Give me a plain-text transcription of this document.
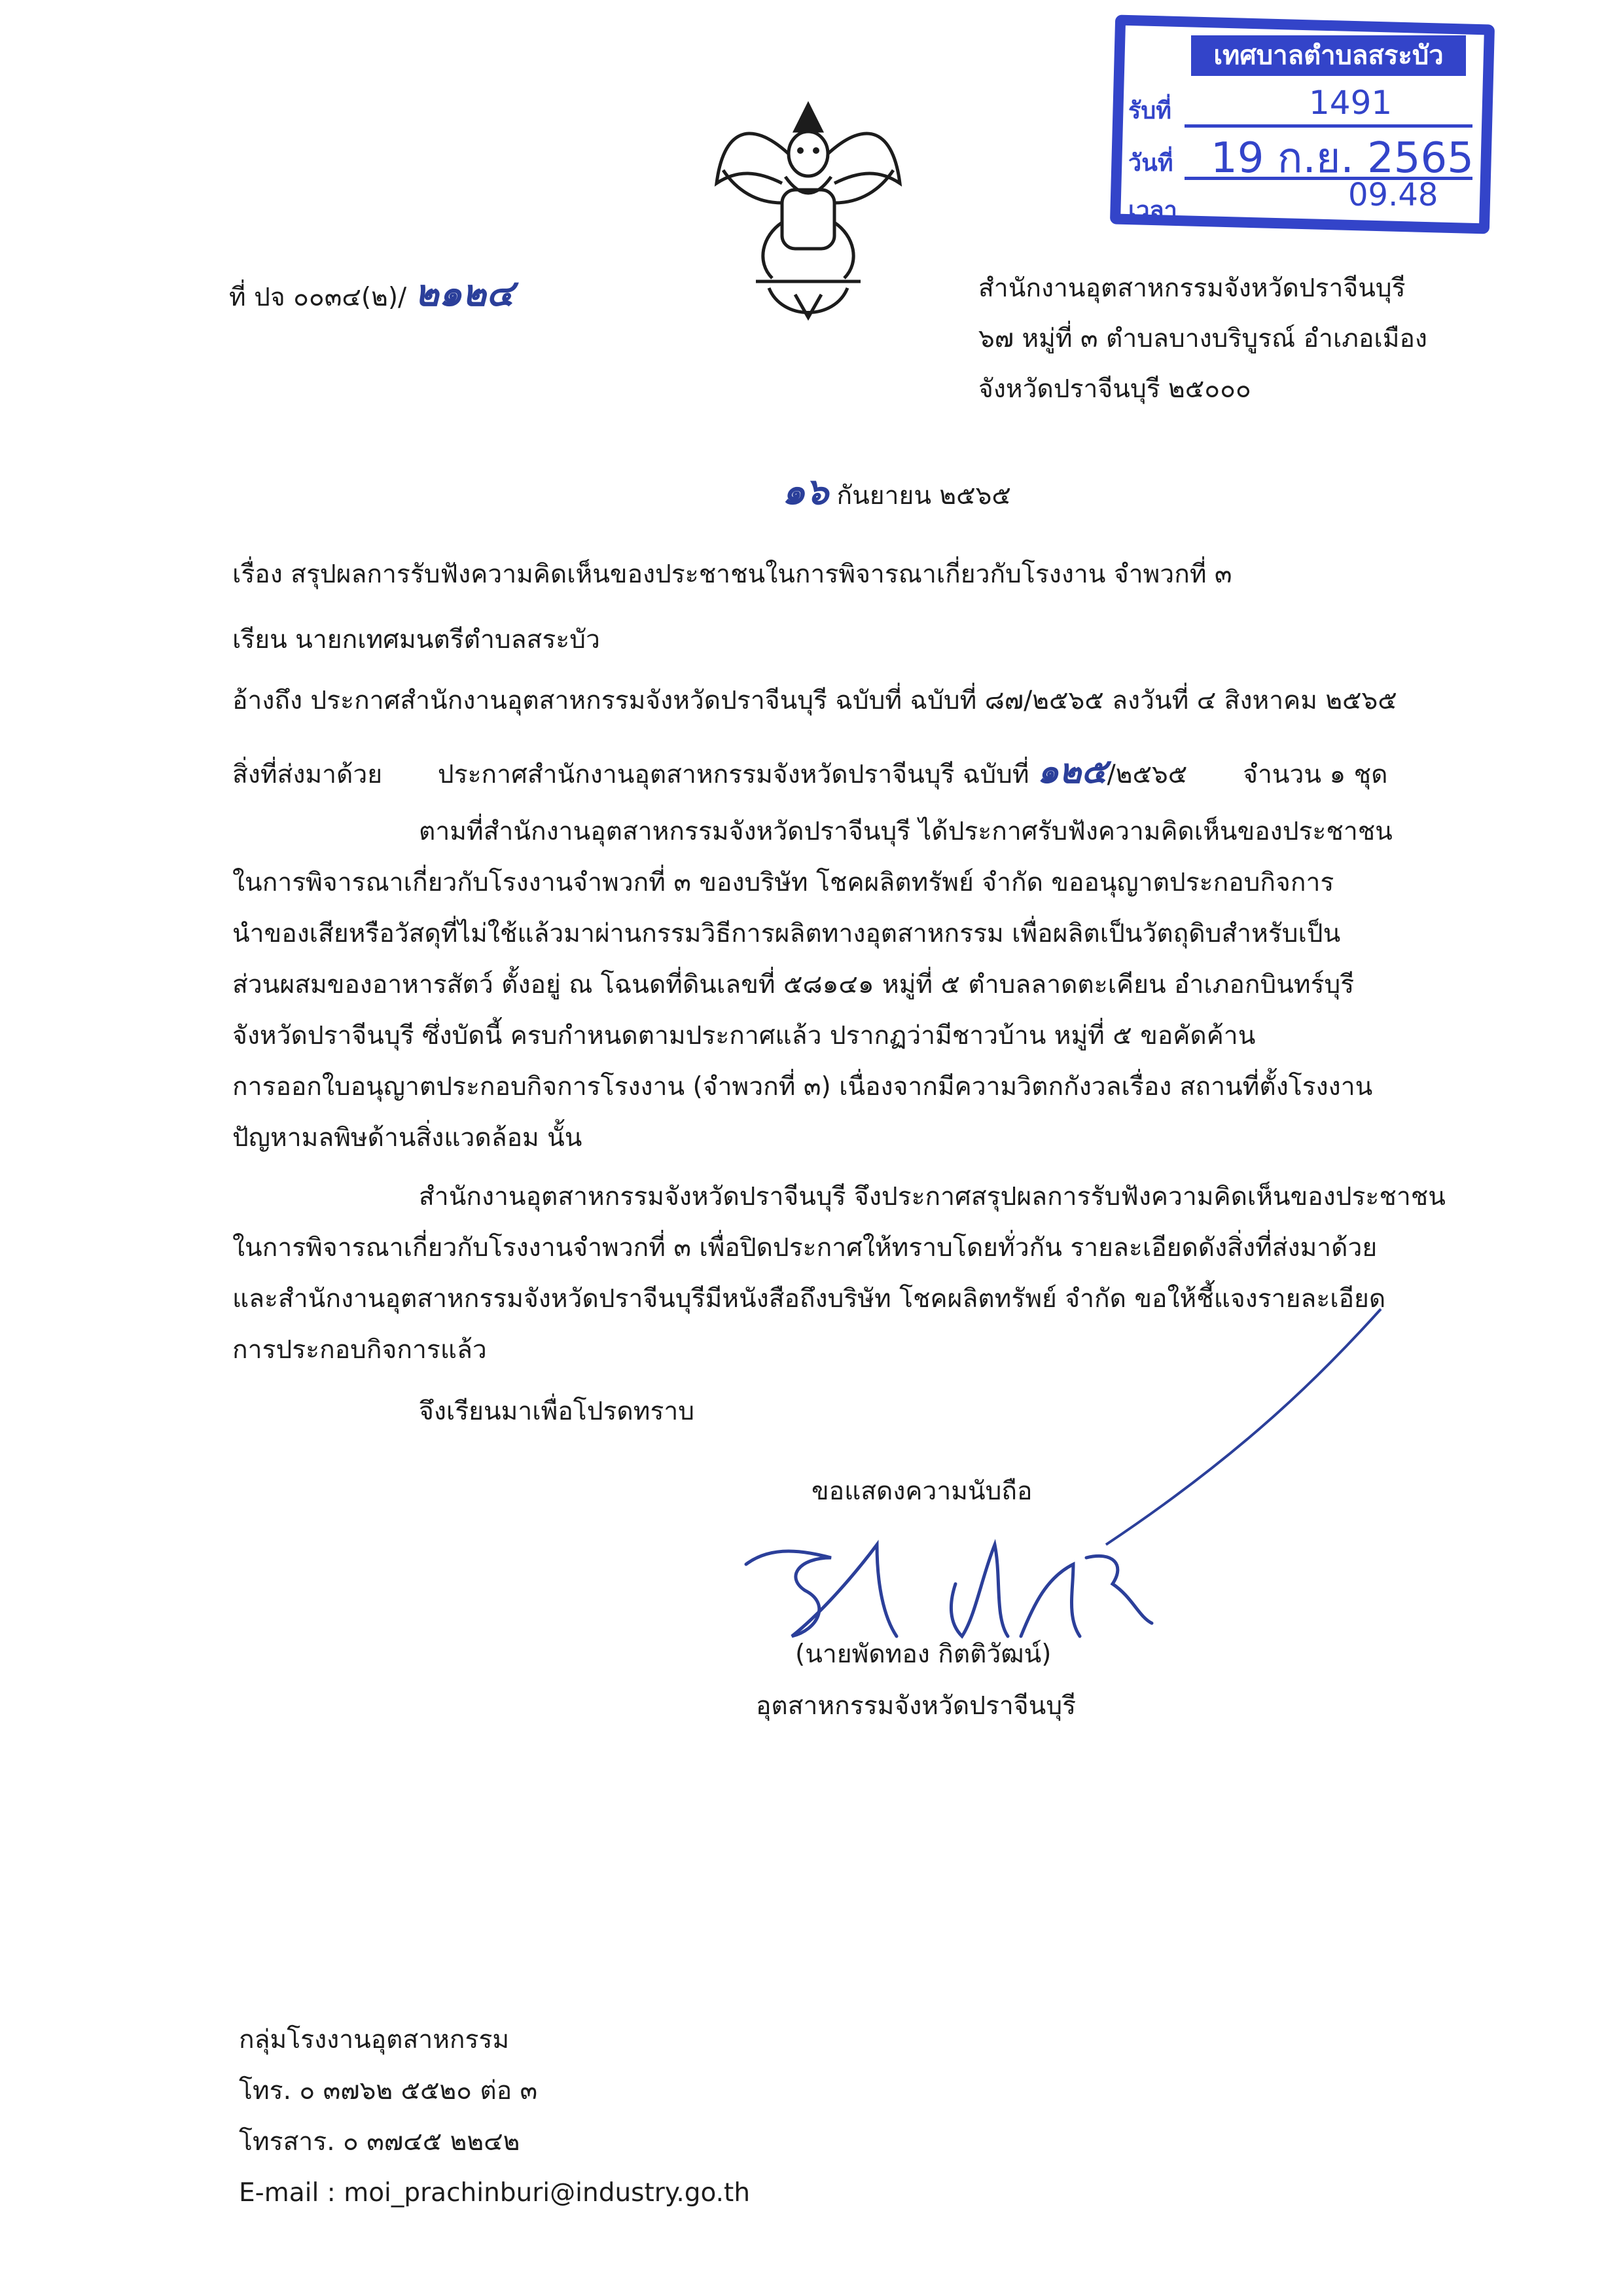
เทศบาลตำบลสระบัว
รับที่	1491
วันที่ 19 ก.ย. 2565
เวลา	09.48
ที่ ปจ ๐๐๓๔(๒)/ ๒๑๒๔	สำนักงานอุตสาหกรรมจังหวัดปราจีนบุรี
๖๗ หมู่ที่ ๓ ตำบลบางบริบูรณ์ อำเภอเมือง
จังหวัดปราจีนบุรี ๒๕๐๐๐
๑๖ กันยายน ๒๕๖๕
เรื่อง สรุปผลการรับฟังความคิดเห็นของประชาชนในการพิจารณาเกี่ยวกับโรงงาน จำพวกที่ ๓
เรียน นายกเทศมนตรีตำบลสระบัว
อ้างถึง ประกาศสำนักงานอุตสาหกรรมจังหวัดปราจีนบุรี ฉบับที่ ฉบับที่ ๘๗/๒๕๖๕ ลงวันที่ ๔ สิงหาคม ๒๕๖๕
สิ่งที่ส่งมาด้วย ประกาศสำนักงานอุตสาหกรรมจังหวัดปราจีนบุรี ฉบับที่ ๑๒๕/๒๕๖๕ จำนวน ๑ ชุด
ตามที่สำนักงานอุตสาหกรรมจังหวัดปราจีนบุรี ได้ประกาศรับฟังความคิดเห็นของประชาชน
ในการพิจารณาเกี่ยวกับโรงงานจำพวกที่ ๓ ของบริษัท โชคผลิตทรัพย์ จำกัด ขออนุญาตประกอบกิจการ
นำของเสียหรือวัสดุที่ไม่ใช้แล้วมาผ่านกรรมวิธีการผลิตทางอุตสาหกรรม เพื่อผลิตเป็นวัตถุดิบสำหรับเป็น
ส่วนผสมของอาหารสัตว์ ตั้งอยู่ ณ โฉนดที่ดินเลขที่ ๕๘๑๔๑ หมู่ที่ ๕ ตำบลลาดตะเคียน อำเภอกบินทร์บุรี
จังหวัดปราจีนบุรี ซึ่งบัดนี้ ครบกำหนดตามประกาศแล้ว ปรากฏว่ามีชาวบ้าน หมู่ที่ ๕ ขอคัดค้าน
การออกใบอนุญาตประกอบกิจการโรงงาน (จำพวกที่ ๓) เนื่องจากมีความวิตกกังวลเรื่อง สถานที่ตั้งโรงงาน
ปัญหามลพิษด้านสิ่งแวดล้อม นั้น
สำนักงานอุตสาหกรรมจังหวัดปราจีนบุรี จึงประกาศสรุปผลการรับฟังความคิดเห็นของประชาชน
ในการพิจารณาเกี่ยวกับโรงงานจำพวกที่ ๓ เพื่อปิดประกาศให้ทราบโดยทั่วกัน รายละเอียดดังสิ่งที่ส่งมาด้วย
และสำนักงานอุตสาหกรรมจังหวัดปราจีนบุรีมีหนังสือถึงบริษัท โชคผลิตทรัพย์ จำกัด ขอให้ชี้แจงรายละเอียด
การประกอบกิจการแล้ว
จึงเรียนมาเพื่อโปรดทราบ
ขอแสดงความนับถือ
(นายพัดทอง กิตติวัฒน์)
อุตสาหกรรมจังหวัดปราจีนบุรี
กลุ่มโรงงานอุตสาหกรรม
โทร. ๐ ๓๗๖๒ ๕๕๒๐ ต่อ ๓
โทรสาร. ๐ ๓๗๔๕ ๒๒๔๒
E-mail : moi_prachinburi@industry.go.th
